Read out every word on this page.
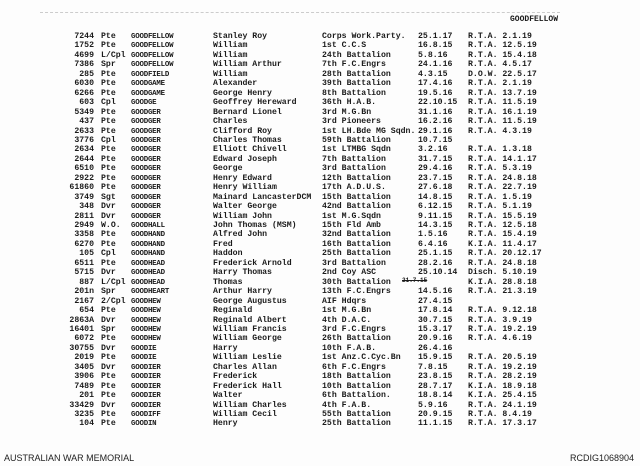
GOODFELLOW
7244 Pte GOODFELLOW	Stanley Roy	Corps Work.Party. 25.1.17 R.T.A. 2.1.19
1752 Pte GOODFELLOW	William	1st C.C.S	16.8.15 R.T.A. 12.5.19
4699 L/Cpl GOODFELLOW	William	24th Battalion	5.8.16	R.T.A. 15.4.18
7386 Spr GOODFELLOW	William Arthur	7th F.C.Engrs	24.1.16 R.T.A. 4.5.17
285 Pte GOODFIELD	William	28th Battalion	4.3.15	D.O.W. 22.5.17
6030 Pte GOODGAME	Alexander	39th Battalion	17.4.16 R.T.A. 2.1.19
6266 Pte GOODGAME	George Henry	8th Battalion	19.5.16 R.T.A. 13.7.19
603 Cpl GOODGE	Geoffrey Hereward	36th H.A.B.	22.10.15 R.T.A. 11.5.19
5349 Pte GOODGER	Bernard Lionel	3rd M.G.Bn	31.1.16 R.T.A. 16.1.19
437 Pte GOODGER	Charles	3rd Pioneers	16.2.16 R.T.A. 11.5.19
2633 Pte GOODGER	Clifford Roy	1st LH.Bde MG Sqdn. 29.1.16 R.T.A. 4.3.19
3776 Cpl GOODGER	Charles Thomas	59th Battalion	10.7.15
2634 Pte GOODGER	Elliott Chivell	1st LTMBG Sqdn	3.2.16	R.T.A. 1.3.18
2644 Pte GOODGER	Edward Joseph	7th Battalion	31.7.15 R.T.A. 14.1.17
6510 Pte GOODGER	George	3rd Battalion	29.4.16 R.T.A. 5.3.19
2922 Pte GOODGER	Henry Edward	12th Battalion	23.7.15 R.T.A. 24.8.18
61860 Pte GOODGER	Henry William	17th A.D.U.S.	27.6.18 R.T.A. 22.7.19
3749 Sgt GOODGER	Mainard LancasterDCM 15th Battalion	14.8.15 R.T.A. 1.5.19
348 Dvr GOODGER	Walter George	42nd Battalion	6.12.15 R.T.A. 5.1.19
2811 Dvr GOODGER	William John	1st M.G.Sqdn	9.11.15 R.T.A. 15.5.19
2949 W.O. GOODHALL	John Thomas (MSM)	15th Fld Amb	14.3.15 R.T.A. 12.5.18
3358 Pte GOODHAND	Alfred John	32nd Battalion	1.5.16	R.T.A. 15.4.19
6270 Pte GOODHAND	Fred	16th Battalion	6.4.16	K.I.A. 11.4.17
105 Cpl GOODHAND	Haddon	25th Battalion	25.1.15 R.T.A. 20.12.17
6511 Pte GOODHEAD	Frederick Arnold	3rd Battalion	28.2.16 R.T.A. 24.8.18
5715 Dvr GOODHEAD	Harry Thomas	2nd Coy ASC	25.10.14 Disch. 5.10.19
887 L/Cpl GOODHEAD	Thomas	30th Battalion 21.7.15	K.I.A. 28.8.18
201n Spr GOODHEART	Arthur Harry	13th F.C.Engrs	14.5.16 R.T.A. 21.3.19
2167 2/Cpl GOODHEW	George Augustus	AIF Hdqrs	27.4.15
654 Pte GOODHEW	Reginald	1st M.G.Bn	17.8.14 R.T.A. 9.12.18
2863A Dvr GOODHEW	Reginald Albert	4th D.A.C.	30.7.15 R.T.A. 3.9.19
16401 Spr GOODHEW	William Francis	3rd F.C.Engrs	15.3.17 R.T.A. 19.2.19
6072 Pte GOODHEW	William George	26th Battalion	20.9.16 R.T.A. 4.6.19
30755 Dvr GOODIE	Harry	10th F.A.B.	26.4.16
2019 Pte GOODIE	William Leslie	1st Anz.C.Cyc.Bn 15.9.15 R.T.A. 20.5.19
3405 Dvr GOODIER	Charles Allan	6th F.C.Engrs	7.8.15	R.T.A. 19.2.19
3906 Pte GOODIER	Frederick	18th Battalion	23.8.15 R.T.A. 28.2.19
7489 Pte GOODIER	Frederick Hall	10th Battalion	28.7.17 K.I.A. 18.9.18
201 Pte GOODIER	Walter	6th Battalion.	18.8.14 K.I.A. 25.4.15
33429 Dvr GOODIER	William Charles	4th F.A.B.	5.9.16	R.T.A. 24.1.19
3235 Pte GOODIFF	William Cecil	55th Battalion	20.9.15 R.T.A. 8.4.19
104 Pte GOODIN	Henry	25th Battalion	11.1.15 R.T.A. 17.3.17
AUSTRALIAN WAR MEMORIAL	RCDIG1068904
